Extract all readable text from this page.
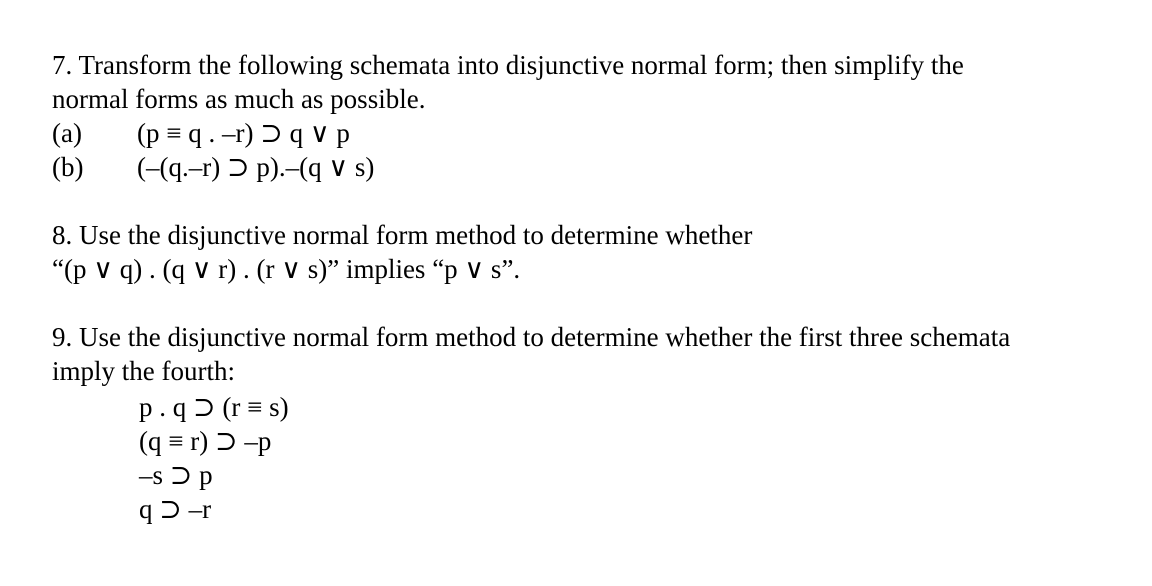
7. Transform the following schemata into disjunctive normal form; then simplify the
normal forms as much as possible.
(a) (p ≡ q . –r) ⊃ q ∨ p
(b) (–(q.–r) ⊃ p).–(q ∨ s)
8. Use the disjunctive normal form method to determine whether
“(p ∨ q) . (q ∨ r) . (r ∨ s)” implies “p ∨ s”.
9. Use the disjunctive normal form method to determine whether the first three schemata
imply the fourth:
p . q ⊃ (r ≡ s)
(q ≡ r) ⊃ –p
–s ⊃ p
q ⊃ –r
